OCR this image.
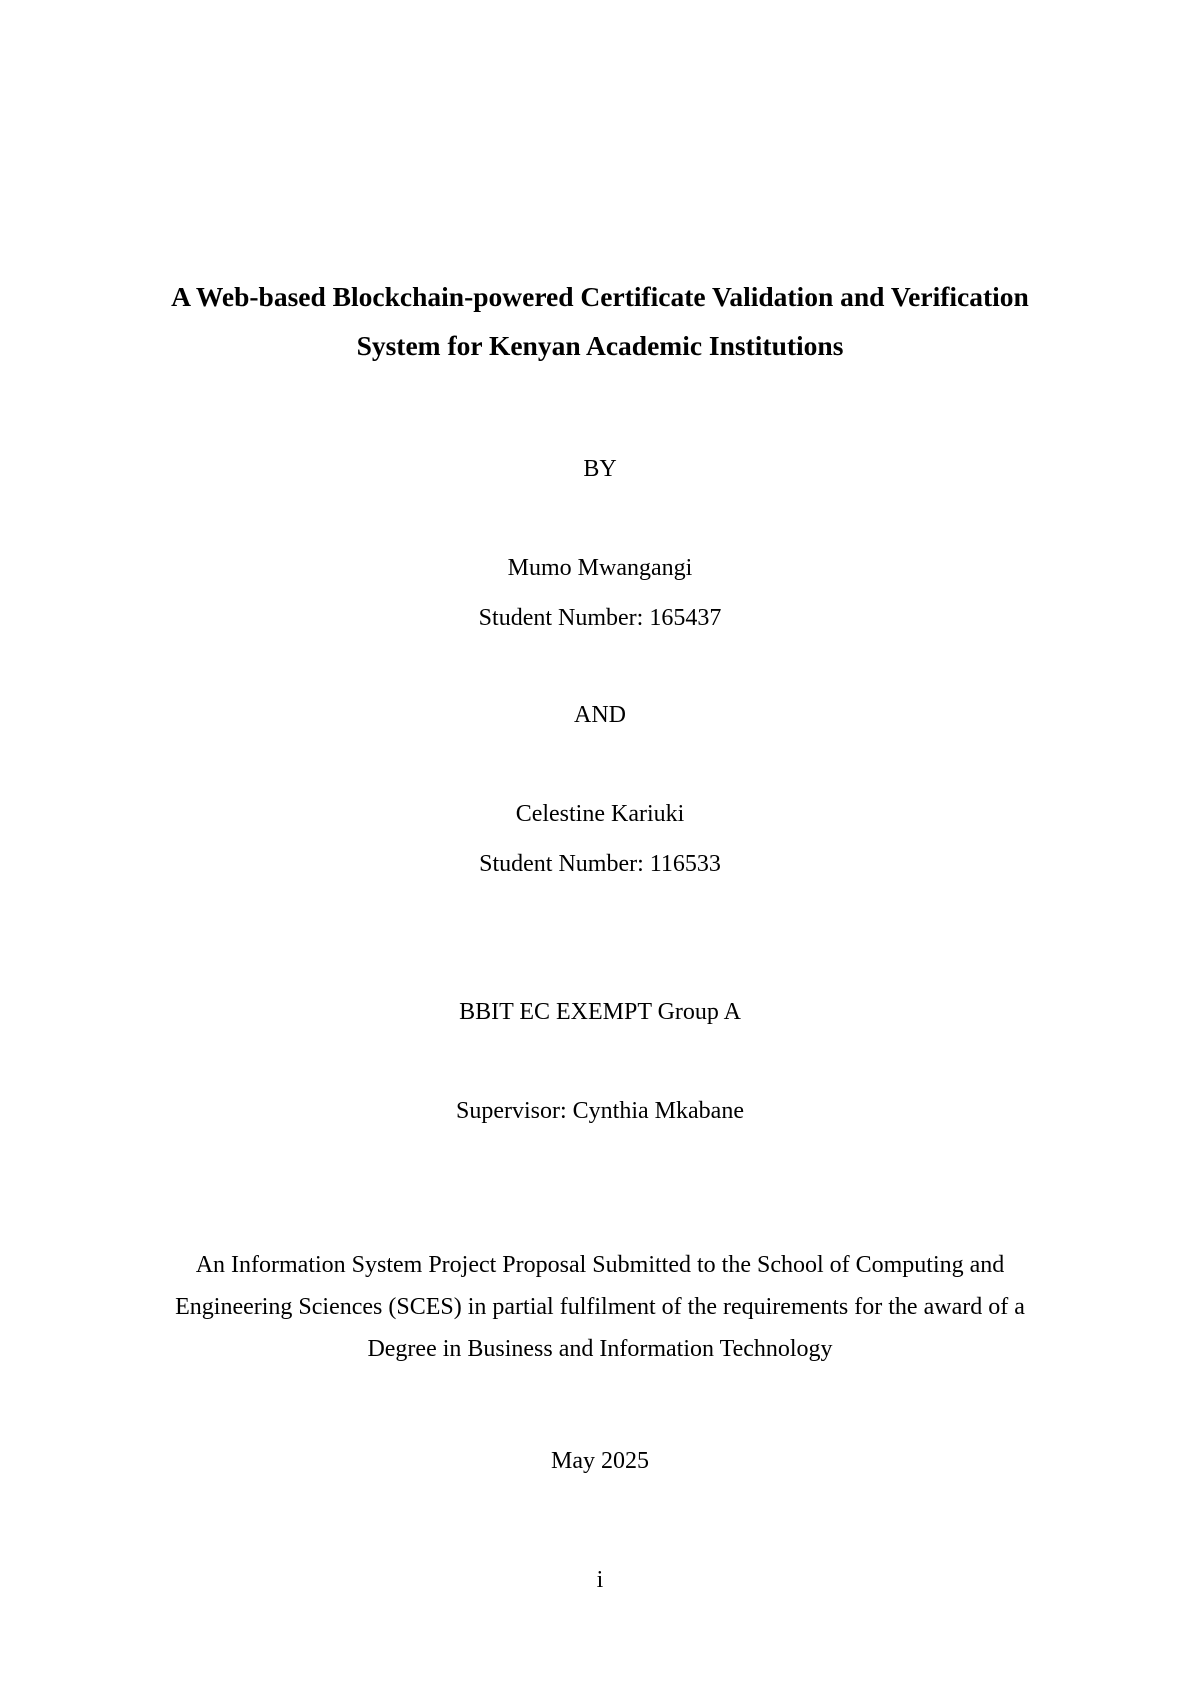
A Web-based Blockchain-powered Certificate Validation and Verification
System for Kenyan Academic Institutions
BY
Mumo Mwangangi
Student Number: 165437
AND
Celestine Kariuki
Student Number: 116533
BBIT EC EXEMPT Group A
Supervisor: Cynthia Mkabane
An Information System Project Proposal Submitted to the School of Computing and
Engineering Sciences (SCES) in partial fulfilment of the requirements for the award of a
Degree in Business and Information Technology
May 2025
i
